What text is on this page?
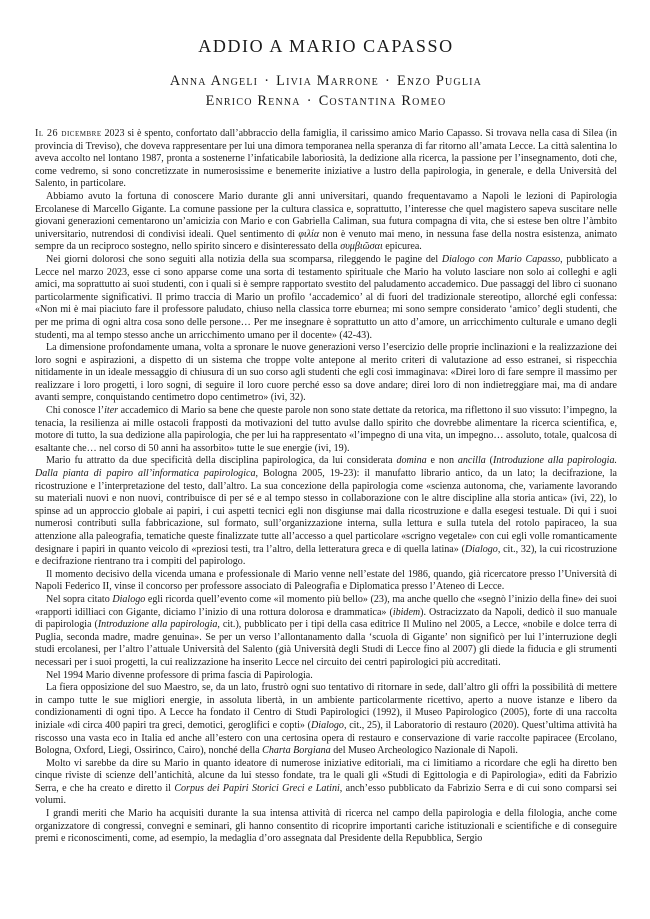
ADDIO A MARIO CAPASSO
Anna Angeli · Livia Marrone · Enzo Puglia
Enrico Renna · Costantina Romeo

Il 26 dicembre 2023 si è spento, confortato dall’abbraccio della famiglia, il carissimo amico Mario Capasso. Si trovava nella casa di Silea (in provincia di Treviso), che doveva rappresentare per lui una dimora temporanea nella speranza di far ritorno all’amata Lecce. La città salentina lo aveva accolto nel lontano 1987, pronta a sostenerne l’infaticabile laboriosità, la dedizione alla ricerca, la passione per l’insegnamento, doti che, come vedremo, si sono concretizzate in numerosissime e benemerite iniziative a lustro della papirologia, in generale, e della Università del Salento, in particolare.

Abbiamo avuto la fortuna di conoscere Mario durante gli anni universitari, quando frequentavamo a Napoli le lezioni di Papirologia Ercolanese di Marcello Gigante. La comune passione per la cultura classica e, soprattutto, l’interesse che quel magistero sapeva suscitare nelle giovani generazioni cementarono un’amicizia con Mario e con Gabriella Caliman, sua futura compagna di vita, che si estese ben oltre l’àmbito universitario, nutrendosi di condivisi ideali. Quel sentimento di φιλία non è venuto mai meno, in nessuna fase della nostra esistenza, animato sempre da un reciproco sostegno, nello spirito sincero e disinteressato della συμβιῶσαι epicurea.

Nei giorni dolorosi che sono seguiti alla notizia della sua scomparsa, rileggendo le pagine del Dialogo con Mario Capasso, pubblicato a Lecce nel marzo 2023, esse ci sono apparse come una sorta di testamento spirituale che Mario ha voluto lasciare non solo ai colleghi e agli amici, ma soprattutto ai suoi studenti, con i quali si è sempre rapportato svestito del paludamento accademico. Due passaggi del libro ci suonano particolarmente significativi. Il primo traccia di Mario un profilo ‘accademico’ al di fuori del tradizionale stereotipo, allorché egli confessa: «Non mi è mai piaciuto fare il professore paludato, chiuso nella classica torre eburnea; mi sono sempre considerato ‘amico’ degli studenti, che per me prima di ogni altra cosa sono delle persone… Per me insegnare è soprattutto un atto d’amore, un arricchimento culturale e umano degli studenti, ma al tempo stesso anche un arricchimento umano per il docente» (42-43).

La dimensione profondamente umana, volta a spronare le nuove generazioni verso l’esercizio delle proprie inclinazioni e la realizzazione dei loro sogni e aspirazioni, a dispetto di un sistema che troppe volte antepone al merito criteri di valutazione ad esso estranei, si rispecchia nitidamente in un ideale messaggio di chiusura di un suo corso agli studenti che egli così immaginava: «Direi loro di fare sempre il massimo per realizzare i loro progetti, i loro sogni, di seguire il loro cuore perché esso sa dove andare; direi loro di non indietreggiare mai, ma di andare avanti sempre, conquistando centimetro dopo centimetro» (ivi, 32).

Chi conosce l’iter accademico di Mario sa bene che queste parole non sono state dettate da retorica, ma riflettono il suo vissuto: l’impegno, la tenacia, la resilienza ai mille ostacoli frapposti da motivazioni del tutto avulse dallo spirito che dovrebbe alimentare la ricerca scientifica, e, motore di tutto, la sua dedizione alla papirologia, che per lui ha rappresentato «l’impegno di una vita, un impegno… assoluto, totale, qualcosa di esaltante che… nel corso di 50 anni ha assorbito» tutte le sue energie (ivi, 19).

Mario fu attratto da due specificità della disciplina papirologica, da lui considerata domina e non ancilla (Introduzione alla papirologia. Dalla pianta di papiro all’informatica papirologica, Bologna 2005, 19-23): il manufatto librario antico, da un lato; la decifrazione, la ricostruzione e l’interpretazione del testo, dall’altro. La sua concezione della papirologia come «scienza autonoma, che, variamente lavorando su materiali nuovi e non nuovi, contribuisce di per sé e al tempo stesso in collaborazione con le altre discipline alla storia antica» (ivi, 22), lo spinse ad un approccio globale ai papiri, i cui aspetti tecnici egli non disgiunse mai dalla ricostruzione e dalla esegesi testuale. Di qui i suoi numerosi contributi sulla fabbricazione, sul formato, sull’organizzazione interna, sulla lettura e sulla tutela del rotolo papiraceo, la sua attenzione alla paleografia, tematiche queste finalizzate tutte all’accesso a quel particolare «scrigno vegetale» con cui egli volle romanticamente designare i papiri in quanto veicolo di «preziosi testi, tra l’altro, della letteratura greca e di quella latina» (Dialogo, cit., 32), la cui ricostruzione e decifrazione rientrano tra i compiti del papirologo.

Il momento decisivo della vicenda umana e professionale di Mario venne nell’estate del 1986, quando, già ricercatore presso l’Università di Napoli Federico II, vinse il concorso per professore associato di Paleografia e Diplomatica presso l’Ateneo di Lecce.

Nel sopra citato Dialogo egli ricorda quell’evento come «il momento più bello» (23), ma anche quello che «segnò l’inizio della fine» dei suoi «rapporti idilliaci con Gigante, diciamo l’inizio di una rottura dolorosa e drammatica» (ibidem). Ostracizzato da Napoli, dedicò il suo manuale di papirologia (Introduzione alla papirologia, cit.), pubblicato per i tipi della casa editrice Il Mulino nel 2005, a Lecce, «nobile e dolce terra di Puglia, seconda madre, madre genuina». Se per un verso l’allontanamento dalla ‘scuola di Gigante’ non significò per lui l’interruzione degli studi ercolanesi, per l’altro l’attuale Università del Salento (già Università degli Studi di Lecce fino al 2007) gli diede la fiducia e gli strumenti necessari per i suoi progetti, la cui realizzazione ha inserito Lecce nel circuito dei centri papirologici più accreditati.

Nel 1994 Mario divenne professore di prima fascia di Papirologia.

La fiera opposizione del suo Maestro, se, da un lato, frustrò ogni suo tentativo di ritornare in sede, dall’altro gli offrì la possibilità di mettere in campo tutte le sue migliori energie, in assoluta libertà, in un ambiente particolarmente ricettivo, aperto a nuove istanze e libero da condizionamenti di ogni tipo. A Lecce ha fondato il Centro di Studi Papirologici (1992), il Museo Papirologico (2005), forte di una raccolta iniziale «di circa 400 papiri tra greci, demotici, geroglifici e copti» (Dialogo, cit., 25), il Laboratorio di restauro (2020). Quest’ultima attività ha riscosso una vasta eco in Italia ed anche all’estero con una certosina opera di restauro e conservazione di varie raccolte papiracee (Ercolano, Bologna, Oxford, Liegi, Ossirinco, Cairo), nonché della Charta Borgiana del Museo Archeologico Nazionale di Napoli.

Molto vi sarebbe da dire su Mario in quanto ideatore di numerose iniziative editoriali, ma ci limitiamo a ricordare che egli ha diretto ben cinque riviste di scienze dell’antichità, alcune da lui stesso fondate, tra le quali gli «Studi di Egittologia e di Papirologia», editi da Fabrizio Serra, e che ha creato e diretto il Corpus dei Papiri Storici Greci e Latini, anch’esso pubblicato da Fabrizio Serra e di cui sono comparsi sei volumi.

I grandi meriti che Mario ha acquisiti durante la sua intensa attività di ricerca nel campo della papirologia e della filologia, anche come organizzatore di congressi, convegni e seminari, gli hanno consentito di ricoprire importanti cariche istituzionali e scientifiche e di conseguire premi e riconoscimenti, come, ad esempio, la medaglia d’oro assegnata dal Presidente della Repubblica, Sergio
